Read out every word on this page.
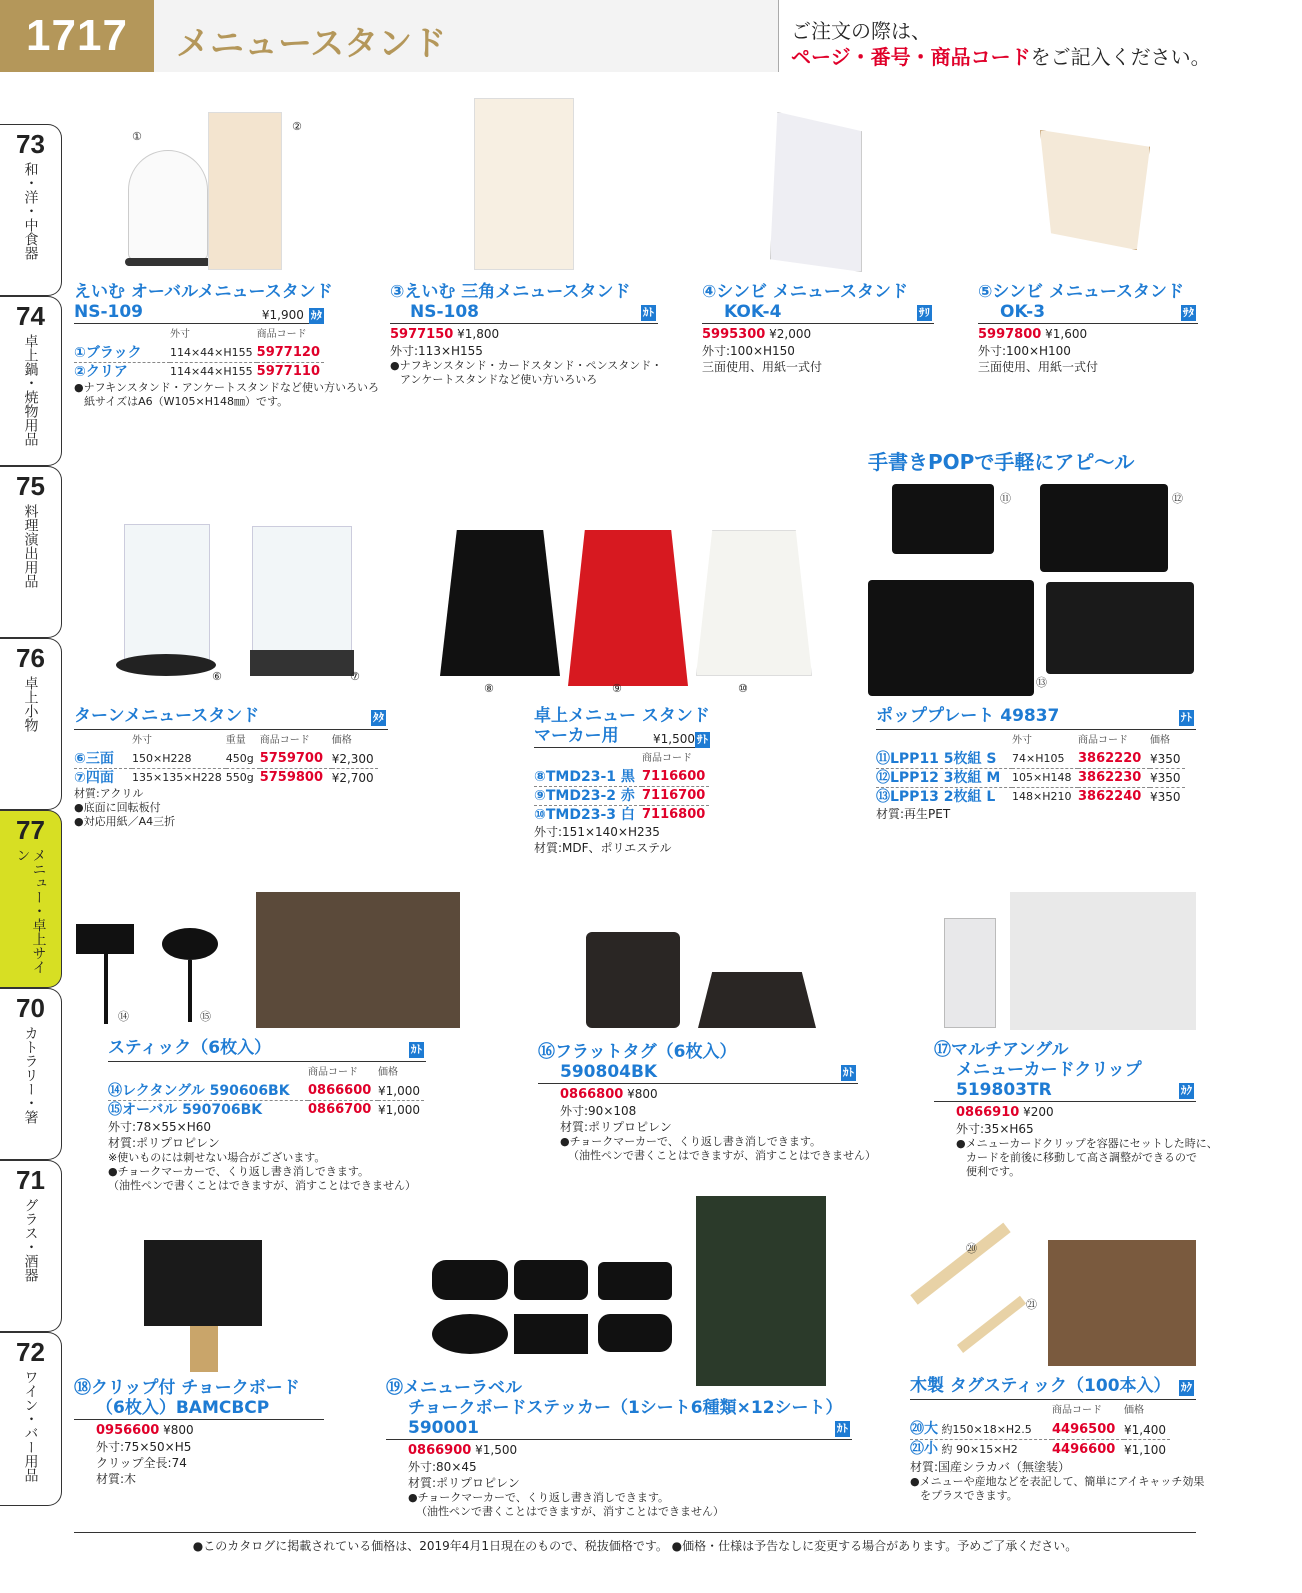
1717	メニュースタンド	ご注文の際は、
ページ・番号・商品コードをご記入ください。
73
和・洋・中食器
74
卓上鍋・焼物用品
75
料理演出用品
76
卓上小物
77
メニュー・卓上サイン
70
カトラリー・箸
71
グラス・酒器
72
ワイン・バー用品
①
②
えいむ オーバルメニュースタンド
NS-109	¥1,900 ｶﾀ
	外寸	商品コード
①ブラック	114×44×H155	5977120
②クリア	114×44×H155	5977110
●ナフキンスタンド・アンケートスタンドなど使い方いろいろ
紙サイズはA6（W105×H148㎜）です。
③えいむ 三角メニュースタンド
NS-108	ｶﾄ
5977150 ¥1,800
外寸:113×H155
●ナフキンスタンド・カードスタンド・ペンスタンド・
アンケートスタンドなど使い方いろいろ
④シンビ メニュースタンド
KOK-4	ｻﾘ
5995300 ¥2,000
外寸:100×H150
三面使用、用紙一式付
⑤シンビ メニュースタンド
OK-3	ｻﾀ
5997800 ¥1,600
外寸:100×H100
三面使用、用紙一式付
手書きPOPで手軽にアピ～ル
⑪	⑫
⑬
⑥	⑦
ターンメニュースタンド	ﾀﾀ
	外寸	重量	商品コード	価格
⑥三面	150×H228	450g	5759700	¥2,300
⑦四面	135×135×H228	550g	5759800	¥2,700
材質:アクリル
●底面に回転板付
●対応用紙／A4三折
⑧	⑨	⑩
卓上メニュー スタンド
マーカー用	¥1,500 ｻﾄ
	商品コード
⑧TMD23-1 黒	7116600
⑨TMD23-2 赤	7116700
⑩TMD23-3 白	7116800
外寸:151×140×H235
材質:MDF、ポリエステル
ポッププレート 49837	ﾅﾄ
	外寸	商品コード	価格
⑪LPP11 5枚組 S	74×H105	3862220	¥350
⑫LPP12 3枚組 M	105×H148	3862230	¥350
⑬LPP13 2枚組 L	148×H210	3862240	¥350
材質:再生PET
⑭	⑮
スティック（6枚入）	ｶﾄ
	商品コード	価格
⑭レクタングル 590606BK	0866600	¥1,000
⑮オーバル 590706BK	0866700	¥1,000
外寸:78×55×H60
材質:ポリプロピレン
※使いものには刺せない場合がございます。
●チョークマーカーで、くり返し書き消しできます。
（油性ペンで書くことはできますが、消すことはできません）
⑯フラットタグ（6枚入）
590804BK	ｶﾄ
0866800 ¥800
外寸:90×108
材質:ポリプロピレン
●チョークマーカーで、くり返し書き消しできます。
（油性ペンで書くことはできますが、消すことはできません）
⑰マルチアングル
メニューカードクリップ
519803TR	ｶｸ
0866910 ¥200
外寸:35×H65
●メニューカードクリップを容器にセットした時に、
カードを前後に移動して高さ調整ができるので
便利です。
⑱クリップ付 チョークボード
（6枚入）BAMCBCP
0956600 ¥800
外寸:75×50×H5
クリップ全長:74
材質:木
⑲メニューラベル
チョークボードステッカー（1シート6種類×12シート）
590001	ｶﾄ
0866900 ¥1,500
外寸:80×45
材質:ポリプロピレン
●チョークマーカーで、くり返し書き消しできます。
（油性ペンで書くことはできますが、消すことはできません）
⑳
㉑
木製 タグスティック（100本入） ｶｸ
	商品コード	価格
⑳大 約150×18×H2.5	4496500	¥1,400
㉑小 約 90×15×H2	4496600	¥1,100
材質:国産シラカバ（無塗装）
●メニューや産地などを表記して、簡単にアイキャッチ効果
をプラスできます。
●このカタログに掲載されている価格は、2019年4月1日現在のもので、税抜価格です。 ●価格・仕様は予告なしに変更する場合があります。予めご了承ください。
